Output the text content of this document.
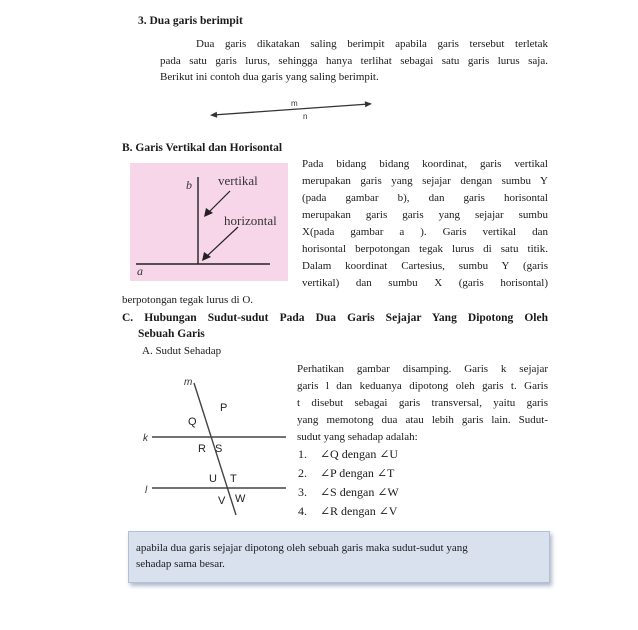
3. Dua garis berimpit
Dua garis dikatakan saling berimpit apabila garis tersebut terletak
pada satu garis lurus, sehingga hanya terlihat sebagai satu garis lurus saja.
Berikut ini contoh dua garis yang saling berimpit.
m
n
B. Garis Vertikal dan Horisontal
b
a
vertikal
horizontal
Pada bidang bidang koordinat, garis vertikal
merupakan garis yang sejajar dengan sumbu Y
(pada gambar b), dan garis horisontal
merupakan garis garis yang sejajar sumbu
X(pada gambar a ). Garis vertikal dan
horisontal berpotongan tegak lurus di satu titik.
Dalam koordinat Cartesius, sumbu Y (garis
vertikal) dan sumbu X (garis horisontal)
berpotongan tegak lurus di O.
C. Hubungan Sudut-sudut Pada Dua Garis Sejajar Yang Dipotong Oleh
Sebuah Garis
A. Sudut Sehadap
Perhatikan gambar disamping. Garis k sejajar
garis l dan keduanya dipotong oleh garis t. Garis
t disebut sebagai garis transversal, yaitu garis
yang memotong dua atau lebih garis lain. Sudut-
sudut yang sehadap adalah:
m
k
l
P
Q
R S
T
U
V W
1. ∠Q dengan ∠U
2. ∠P dengan ∠T
3. ∠S dengan ∠W
4. ∠R dengan ∠V
apabila dua garis sejajar dipotong oleh sebuah garis maka sudut-sudut yang
sehadap sama besar.
